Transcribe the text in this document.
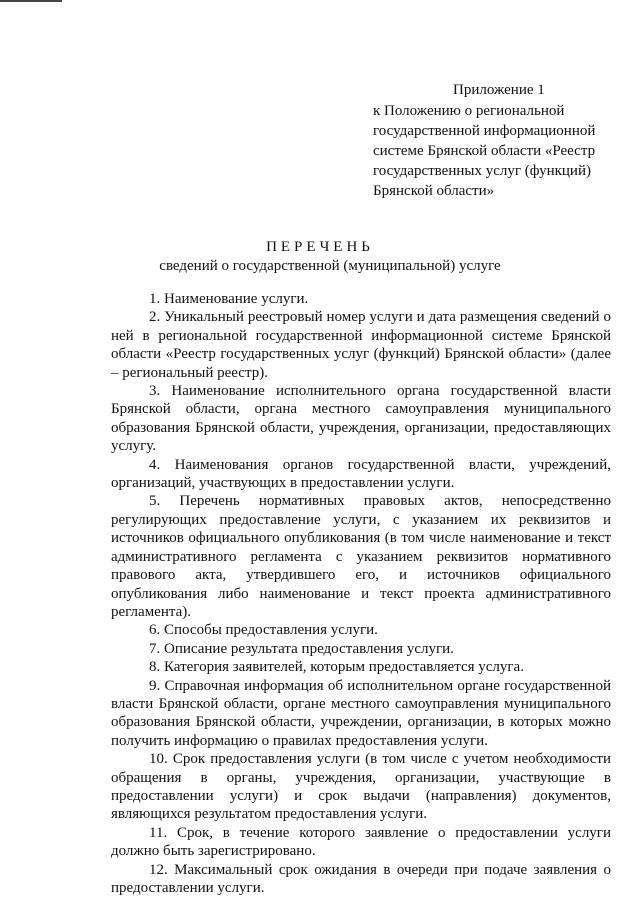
Приложение 1
к Положению о региональной
государственной информационной
системе Брянской области «Реестр
государственных услуг (функций)
Брянской области»
ПЕРЕЧЕНЬ
сведений о государственной (муниципальной) услуге

1. Наименование услуги.

2. Уникальный реестровый номер услуги и дата размещения сведений о ней в региональной государственной информационной системе Брянской области «Реестр государственных услуг (функций) Брянской области» (далее – региональный реестр).

3. Наименование исполнительного органа государственной власти Брянской области, органа местного самоуправления муниципального образования Брянской области, учреждения, организации, предоставляющих услугу.

4. Наименования органов государственной власти, учреждений, организаций, участвующих в предоставлении услуги.

5. Перечень нормативных правовых актов, непосредственно регулирующих предоставление услуги, с указанием их реквизитов и источников официального опубликования (в том числе наименование и текст административного регламента с указанием реквизитов нормативного правового акта, утвердившего его, и источников официального опубликования либо наименование и текст проекта административного регламента).

6. Способы предоставления услуги.

7. Описание результата предоставления услуги.

8. Категория заявителей, которым предоставляется услуга.

9. Справочная информация об исполнительном органе государственной власти Брянской области, органе местного самоуправления муниципального образования Брянской области, учреждении, организации, в которых можно получить информацию о правилах предоставления услуги.

10. Срок предоставления услуги (в том числе с учетом необходимости обращения в органы, учреждения, организации, участвующие в предоставлении услуги) и срок выдачи (направления) документов, являющихся результатом предоставления услуги.

11. Срок, в течение которого заявление о предоставлении услуги должно быть зарегистрировано.

12. Максимальный срок ожидания в очереди при подаче заявления о предоставлении услуги.
